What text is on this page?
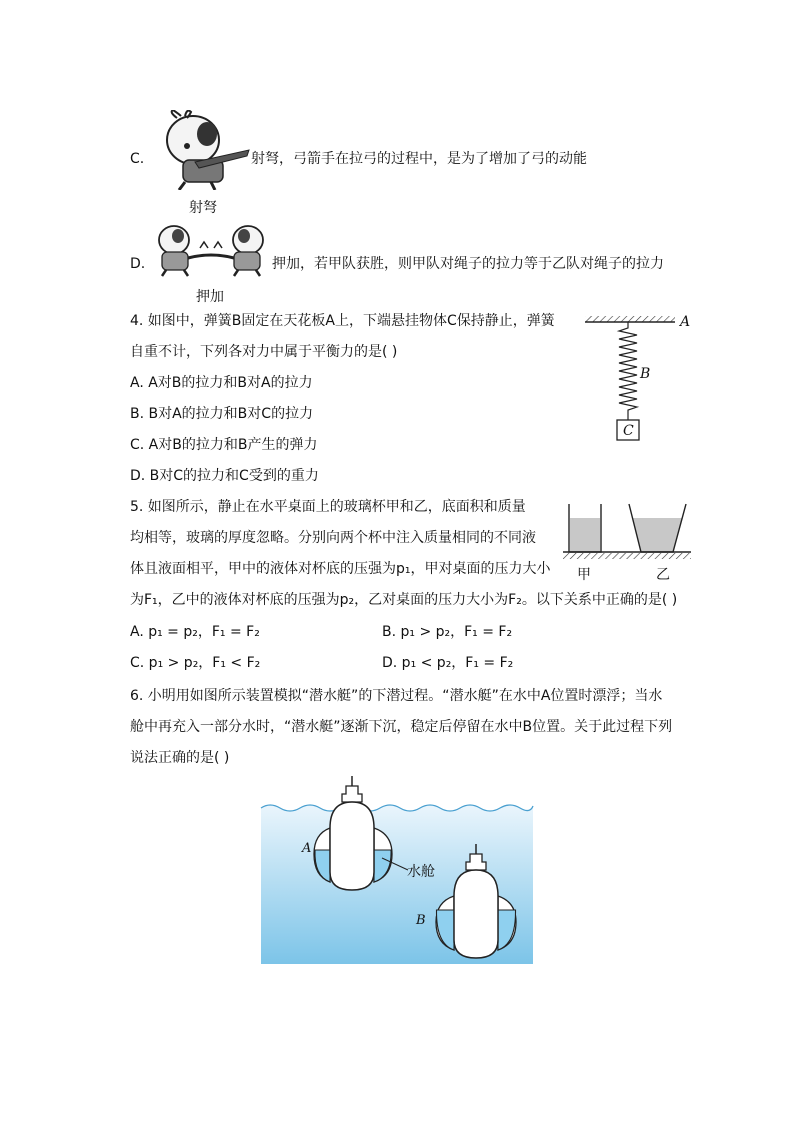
C.	射弩，弓箭手在拉弓的过程中，是为了增加了弓的动能
射弩
D.	押加，若甲队获胜，则甲队对绳子的拉力等于乙队对绳子的拉力
押加
4. 如图中，弹簧B固定在天花板A上，下端悬挂物体C保持静止，弹簧
自重不计，下列各对力中属于平衡力的是( )
A. A对B的拉力和B对A的拉力
B. B对A的拉力和B对C的拉力
C. A对B的拉力和B产生的弹力
D. B对C的拉力和C受到的重力
A
B
C
5. 如图所示，静止在水平桌面上的玻璃杯甲和乙，底面积和质量
均相等，玻璃的厚度忽略。分别向两个杯中注入质量相同的不同液
体且液面相平，甲中的液体对杯底的压强为p₁，甲对桌面的压力大小
为F₁，乙中的液体对杯底的压强为p₂，乙对桌面的压力大小为F₂。以下关系中正确的是( )
A. p₁ = p₂，F₁ = F₂	B. p₁ > p₂，F₁ = F₂
C. p₁ > p₂，F₁ < F₂	D. p₁ < p₂，F₁ = F₂
甲	乙
6. 小明用如图所示装置模拟“潜水艇”的下潜过程。“潜水艇”在水中A位置时漂浮；当水
舱中再充入一部分水时，“潜水艇”逐渐下沉，稳定后停留在水中B位置。关于此过程下列
说法正确的是( )
A
水舱
B
